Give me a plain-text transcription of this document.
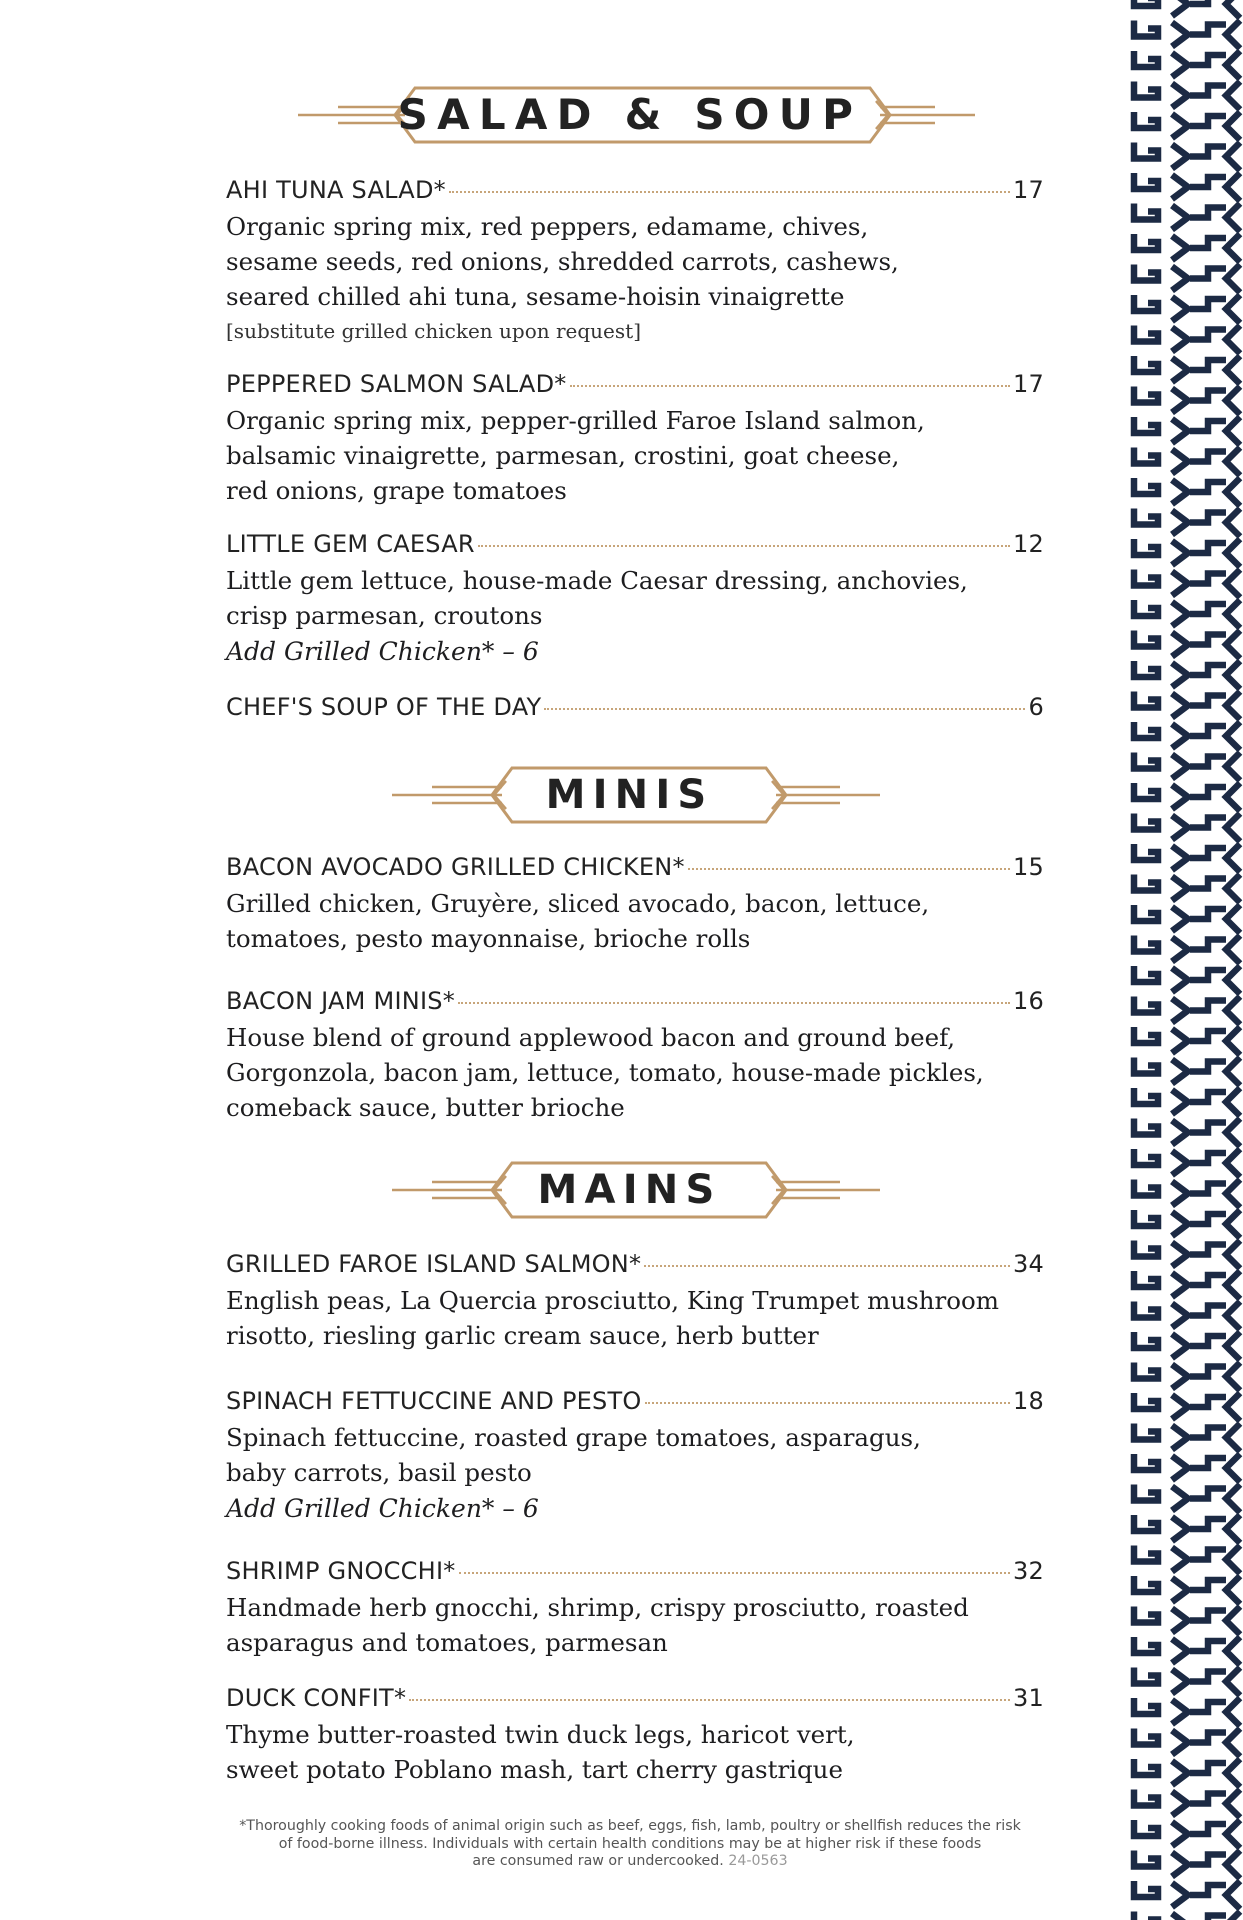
SALAD & SOUP
AHI TUNA SALAD*	17
Organic spring mix, red peppers, edamame, chives,
sesame seeds, red onions, shredded carrots, cashews,
seared chilled ahi tuna, sesame-hoisin vinaigrette
[substitute grilled chicken upon request]
PEPPERED SALMON SALAD*	17
Organic spring mix, pepper-grilled Faroe Island salmon,
balsamic vinaigrette, parmesan, crostini, goat cheese,
red onions, grape tomatoes
LITTLE GEM CAESAR	12
Little gem lettuce, house-made Caesar dressing, anchovies,
crisp parmesan, croutons
Add Grilled Chicken* – 6
CHEF'S SOUP OF THE DAY	6
MINIS
BACON AVOCADO GRILLED CHICKEN*	15
Grilled chicken, Gruyère, sliced avocado, bacon, lettuce,
tomatoes, pesto mayonnaise, brioche rolls
BACON JAM MINIS*	16
House blend of ground applewood bacon and ground beef,
Gorgonzola, bacon jam, lettuce, tomato, house-made pickles,
comeback sauce, butter brioche
MAINS
GRILLED FAROE ISLAND SALMON*	34
English peas, La Quercia prosciutto, King Trumpet mushroom
risotto, riesling garlic cream sauce, herb butter
SPINACH FETTUCCINE AND PESTO	18
Spinach fettuccine, roasted grape tomatoes, asparagus,
baby carrots, basil pesto
Add Grilled Chicken* – 6
SHRIMP GNOCCHI*	32
Handmade herb gnocchi, shrimp, crispy prosciutto, roasted
asparagus and tomatoes, parmesan
DUCK CONFIT*	31
Thyme butter-roasted twin duck legs, haricot vert,
sweet potato Poblano mash, tart cherry gastrique
*Thoroughly cooking foods of animal origin such as beef, eggs, fish, lamb, poultry or shellfish reduces the risk
of food-borne illness. Individuals with certain health conditions may be at higher risk if these foods
are consumed raw or undercooked. 24-0563
